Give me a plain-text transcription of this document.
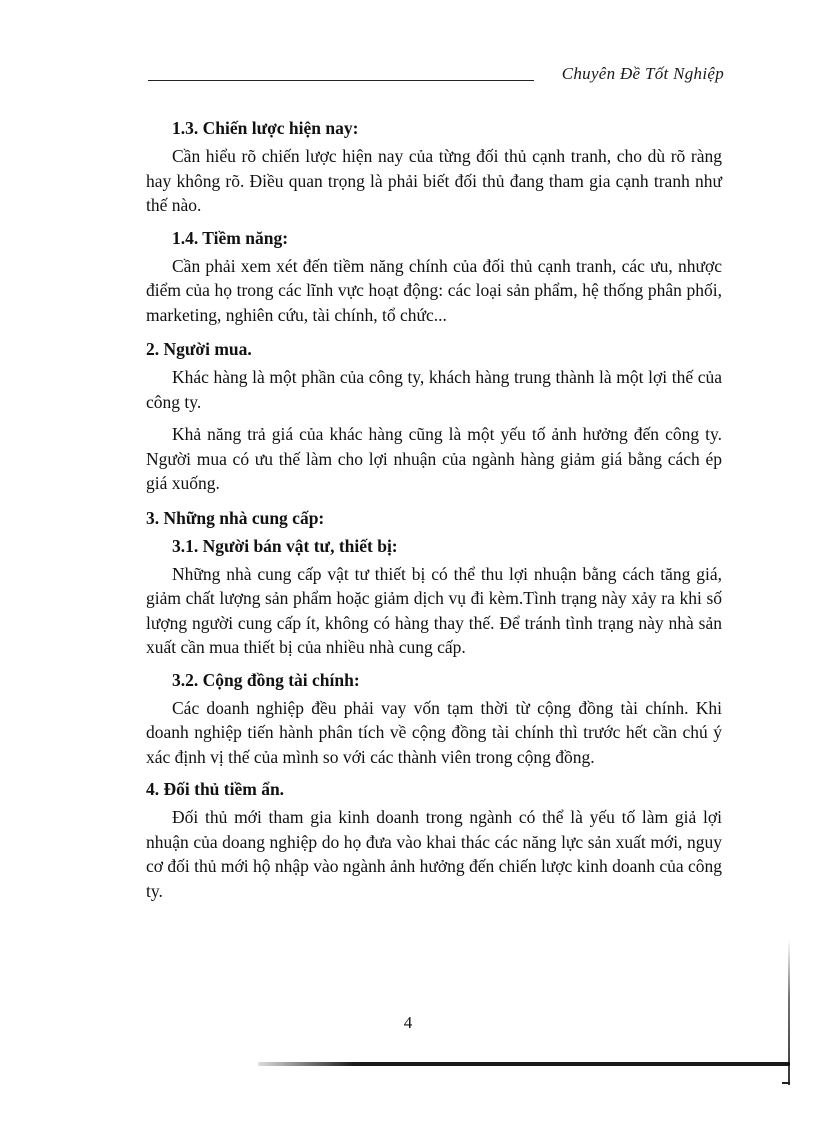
Chuyên Đề Tốt Nghiệp
1.3. Chiến lược hiện nay:

Cần hiểu rõ chiến lược hiện nay của từng đối thủ cạnh tranh, cho dù rõ ràng hay không rõ. Điều quan trọng là phải biết đối thủ đang tham gia cạnh tranh như thế nào.

1.4. Tiềm năng:

Cần phải xem xét đến tiềm năng chính của đối thủ cạnh tranh, các ưu, nhược điểm của họ trong các lĩnh vực hoạt động: các loại sản phẩm, hệ thống phân phối, marketing, nghiên cứu, tài chính, tổ chức...

2. Người mua.

Khác hàng là một phần của công ty, khách hàng trung thành là một lợi thế của công ty.

Khả năng trả giá của khác hàng cũng là một yếu tố ảnh hưởng đến công ty. Người mua có ưu thế làm cho lợi nhuận của ngành hàng giảm giá bằng cách ép giá xuống.

3. Những nhà cung cấp:
3.1. Người bán vật tư, thiết bị:

Những nhà cung cấp vật tư thiết bị có thể thu lợi nhuận bằng cách tăng giá, giảm chất lượng sản phẩm hoặc giảm dịch vụ đi kèm.Tình trạng này xảy ra khi số lượng người cung cấp ít, không có hàng thay thế. Để tránh tình trạng này nhà sản xuất cần mua thiết bị của nhiều nhà cung cấp.

3.2. Cộng đồng tài chính:

Các doanh nghiệp đều phải vay vốn tạm thời từ cộng đồng tài chính. Khi doanh nghiệp tiến hành phân tích về cộng đồng tài chính thì trước hết cần chú ý xác định vị thế của mình so với các thành viên trong cộng đồng.

4. Đối thủ tiềm ẩn.

Đối thủ mới tham gia kinh doanh trong ngành có thể là yếu tố làm giả lợi nhuận của doang nghiệp do họ đưa vào khai thác các năng lực sản xuất mới, nguy cơ đối thủ mới hộ nhập vào ngành ảnh hưởng đến chiến lược kinh doanh của công ty.

4
